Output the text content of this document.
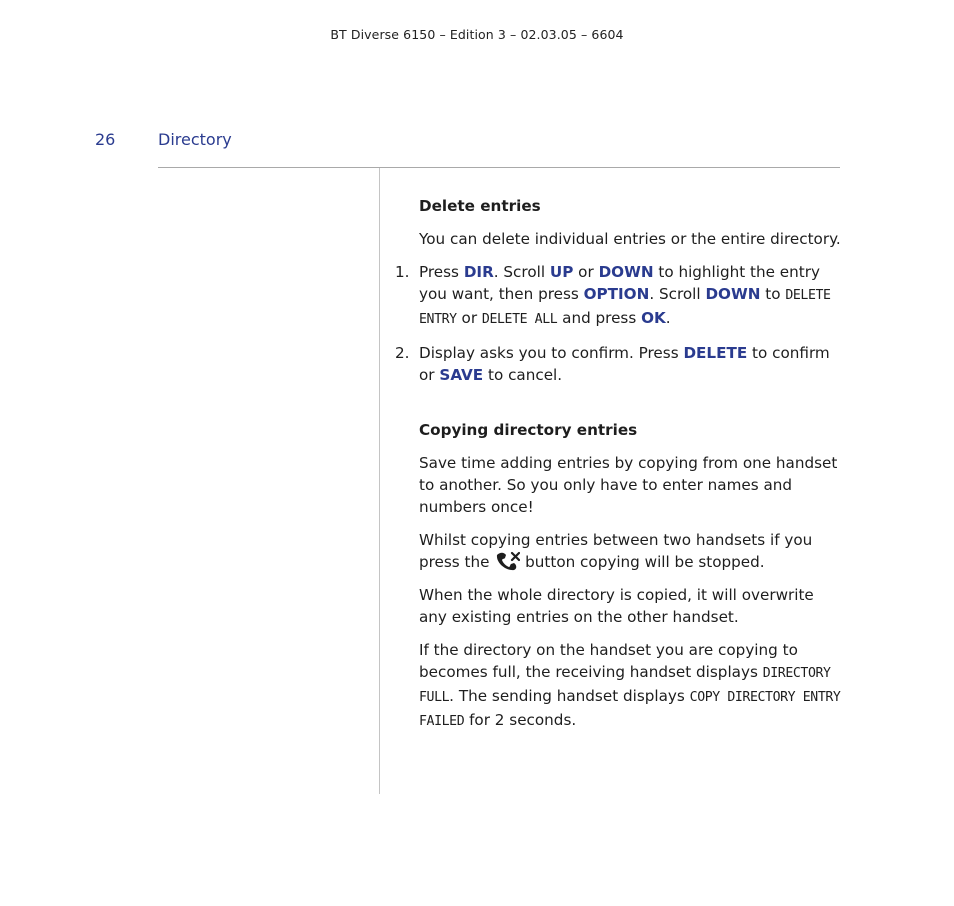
BT Diverse 6150 – Edition 3 – 02.03.05 – 6604
26	Directory
Delete entries

You can delete individual entries or the entire directory.

1. Press DIR. Scroll UP or DOWN to highlight the entry you want, then press OPTION. Scroll DOWN to DELETE ENTRY or DELETE ALL and press OK.
2. Display asks you to confirm. Press DELETE to confirm or SAVE to cancel.
Copying directory entries

Save time adding entries by copying from one handset to another. So you only have to enter names and numbers once!

Whilst copying entries between two handsets if you press the  button copying will be stopped.

When the whole directory is copied, it will overwrite any existing entries on the other handset.

If the directory on the handset you are copying to becomes full, the receiving handset displays DIRECTORY FULL. The sending handset displays COPY DIRECTORY ENTRY FAILED for 2 seconds.
